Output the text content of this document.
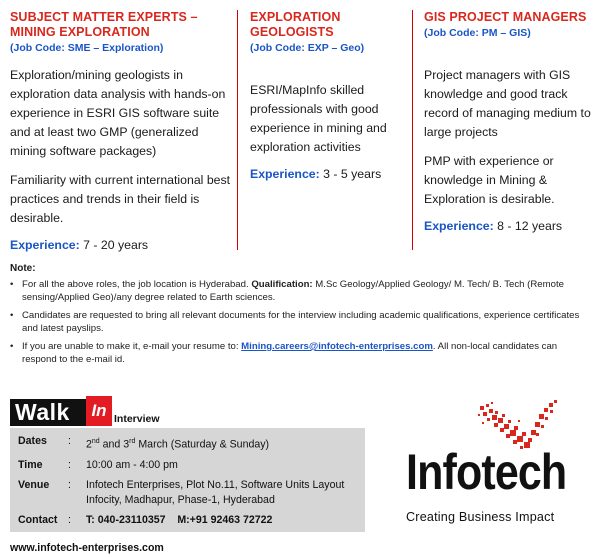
SUBJECT MATTER EXPERTS –
MINING EXPLORATION
(Job Code: SME – Exploration)
Exploration/mining geologists in exploration data analysis with hands-on experience in ESRI GIS software suite and at least two GMP (generalized mining software packages)
Familiarity with current international best practices and trends in their field is desirable.
Experience: 7 - 20 years
EXPLORATION GEOLOGISTS
(Job Code: EXP – Geo)
ESRI/MapInfo skilled professionals with good experience in mining and exploration activities
Experience: 3 - 5 years
GIS PROJECT MANAGERS
(Job Code: PM – GIS)
Project managers with GIS knowledge and good track record of managing medium to large projects
PMP with experience or knowledge in Mining & Exploration is desirable.
Experience: 8 - 12 years
Note:
• For all the above roles, the job location is Hyderabad. Qualification: M.Sc Geology/Applied Geology/ M. Tech/ B. Tech (Remote sensing/Applied Geo)/any degree related to Earth sciences.
• Candidates are requested to bring all relevant documents for the interview including academic qualifications, experience certificates and latest payslips.
• If you are unable to make it, e-mail your resume to: Mining.careers@infotech-enterprises.com. All non-local candidates can respond to the e-mail id.
Walk	In Interview
Dates	:	2nd and 3rd March (Saturday & Sunday)
Time	:	10:00 am - 4:00 pm
Venue	:	Infotech Enterprises, Plot No.11, Software Units Layout
Infocity, Madhapur, Phase-1, Hyderabad

Contact	:	T: 040-23110357 M:+91 92463 72722
www.infotech-enterprises.com
Infotech
Creating Business Impact
